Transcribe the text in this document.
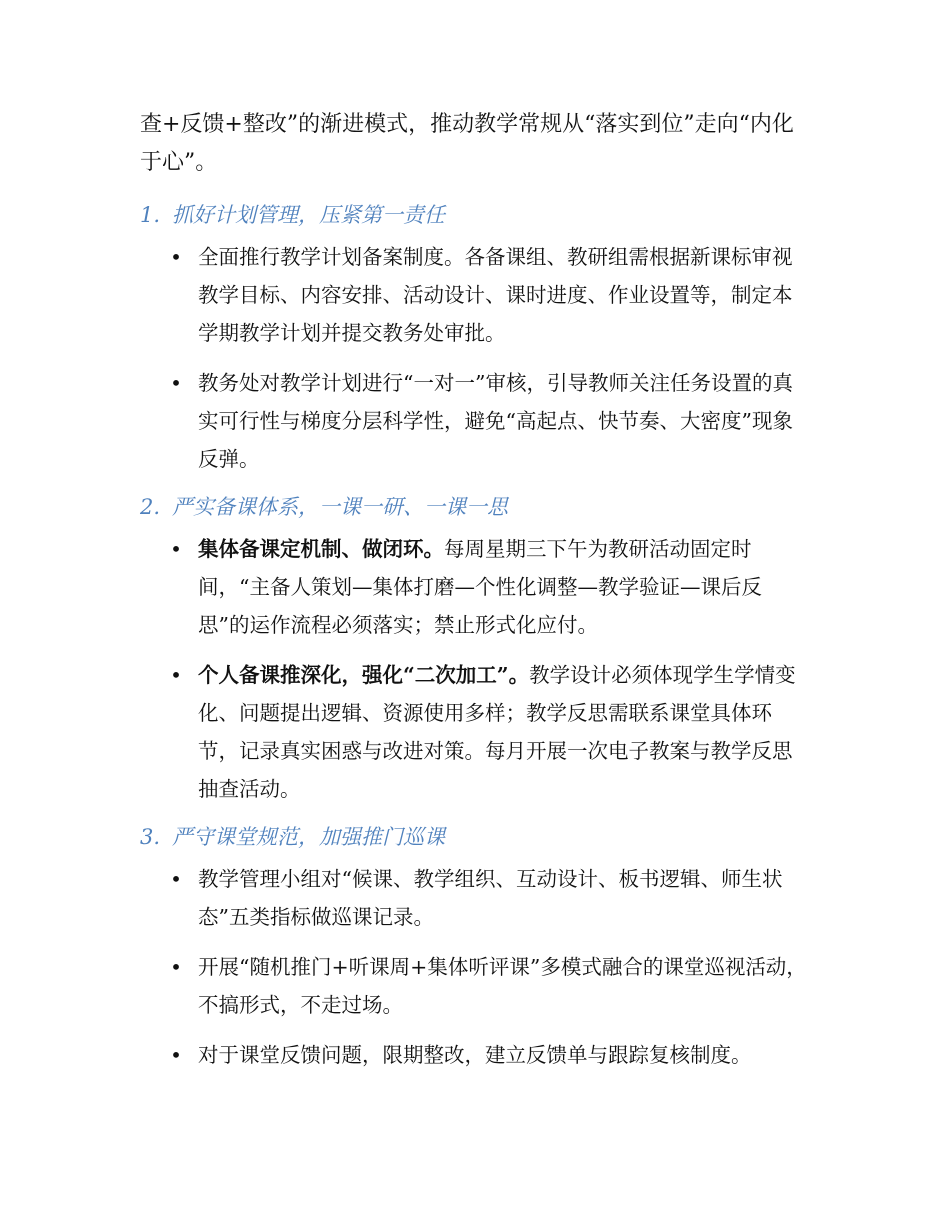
查+反馈+整改”的渐进模式，推动教学常规从“落实到位”走向“内化于心”。

1. 抓好计划管理，压紧第一责任
• 全面推行教学计划备案制度。各备课组、教研组需根据新课标审视教学目标、内容安排、活动设计、课时进度、作业设置等，制定本学期教学计划并提交教务处审批。
• 教务处对教学计划进行“一对一”审核，引导教师关注任务设置的真实可行性与梯度分层科学性，避免“高起点、快节奏、大密度”现象反弹。
2. 严实备课体系，一课一研、一课一思
• 集体备课定机制、做闭环。每周星期三下午为教研活动固定时间，“主备人策划—集体打磨—个性化调整—教学验证—课后反思”的运作流程必须落实；禁止形式化应付。
• 个人备课推深化，强化“二次加工”。教学设计必须体现学生学情变化、问题提出逻辑、资源使用多样；教学反思需联系课堂具体环节，记录真实困惑与改进对策。每月开展一次电子教案与教学反思抽查活动。
3. 严守课堂规范，加强推门巡课
• 教学管理小组对“候课、教学组织、互动设计、板书逻辑、师生状态”五类指标做巡课记录。
• 开展“随机推门+听课周+集体听评课”多模式融合的课堂巡视活动，不搞形式，不走过场。
• 对于课堂反馈问题，限期整改，建立反馈单与跟踪复核制度。
